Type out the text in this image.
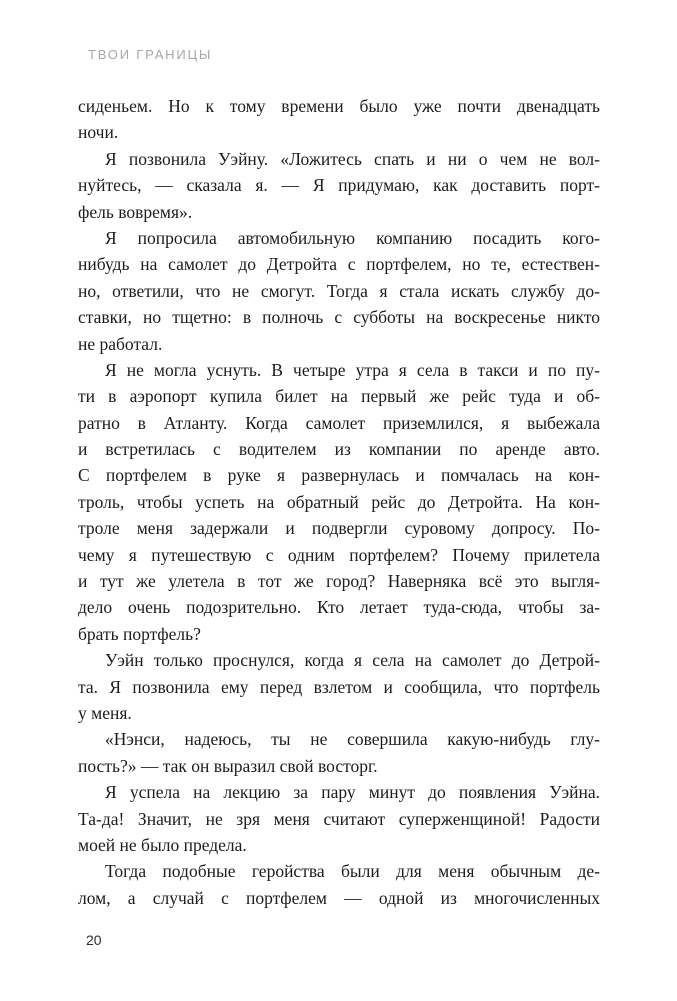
ТВОИ ГРАНИЦЫ
сиденьем. Но к тому времени было уже почти двенадцать
ночи.
Я позвонила Уэйну. «Ложитесь спать и ни о чем не вол-
нуйтесь, — сказала я. — Я придумаю, как доставить порт-
фель вовремя».
Я попросила автомобильную компанию посадить кого-
нибудь на самолет до Детройта с портфелем, но те, естествен-
но, ответили, что не смогут. Тогда я стала искать службу до-
ставки, но тщетно: в полночь с субботы на воскресенье никто
не работал.
Я не могла уснуть. В четыре утра я села в такси и по пу-
ти в аэропорт купила билет на первый же рейс туда и об-
ратно в Атланту. Когда самолет приземлился, я выбежала
и встретилась с водителем из компании по аренде авто.
С портфелем в руке я развернулась и помчалась на кон-
троль, чтобы успеть на обратный рейс до Детройта. На кон-
троле меня задержали и подвергли суровому допросу. По-
чему я путешествую с одним портфелем? Почему прилетела
и тут же улетела в тот же город? Наверняка всё это выгля-
дело очень подозрительно. Кто летает туда-сюда, чтобы за-
брать портфель?
Уэйн только проснулся, когда я села на самолет до Детрой-
та. Я позвонила ему перед взлетом и сообщила, что портфель
у меня.
«Нэнси, надеюсь, ты не совершила какую-нибудь глу-
пость?» — так он выразил свой восторг.
Я успела на лекцию за пару минут до появления Уэйна.
Та-да! Значит, не зря меня считают суперженщиной! Радости
моей не было предела.
Тогда подобные геройства были для меня обычным де-
лом, а случай с портфелем — одной из многочисленных
20
